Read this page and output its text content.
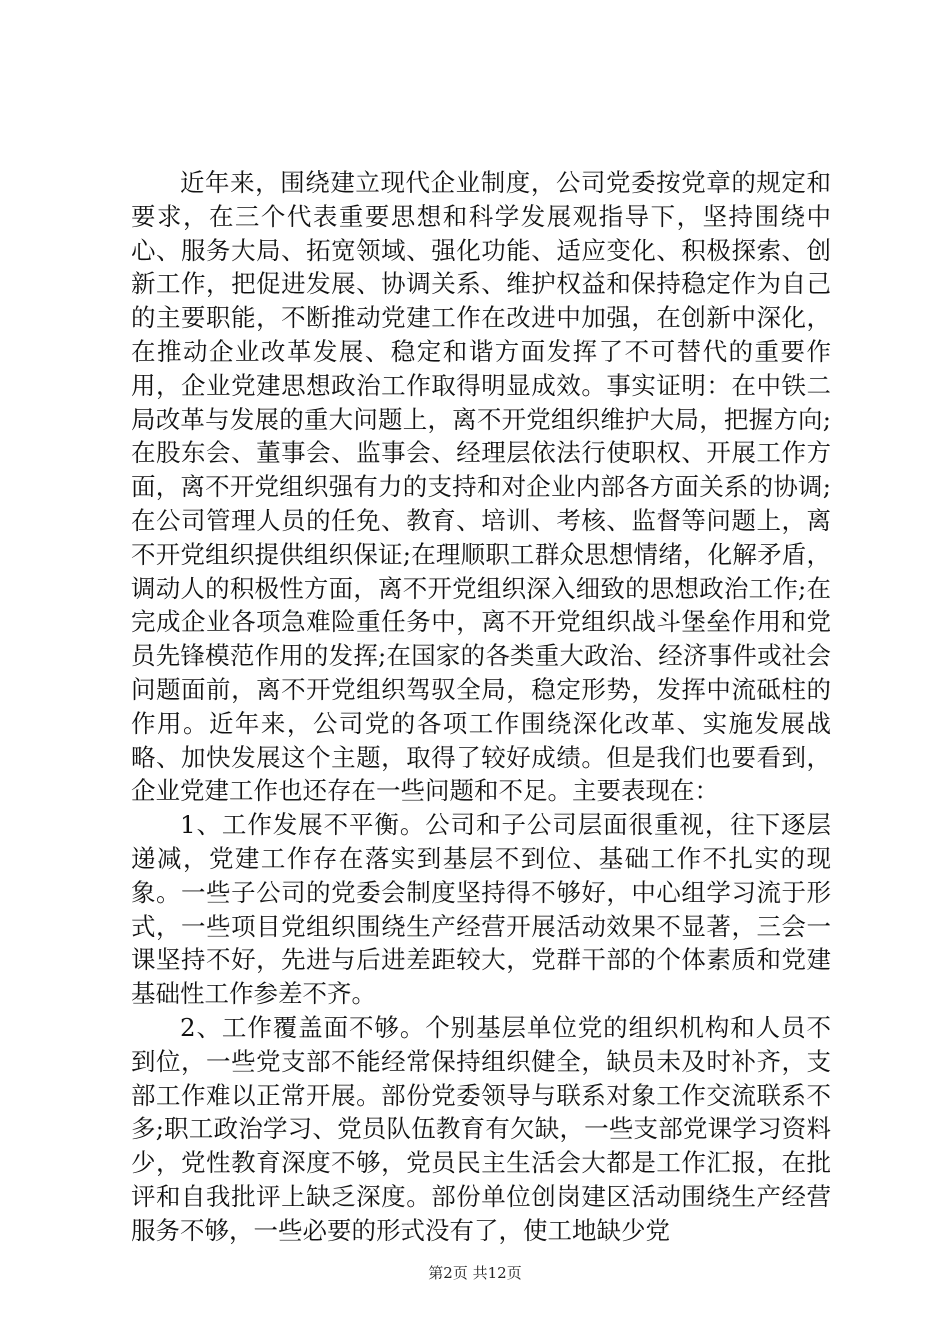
近年来，围绕建立现代企业制度，公司党委按党章的规定和要求，在三个代表重要思想和科学发展观指导下，坚持围绕中心、服务大局、拓宽领域、强化功能、适应变化、积极探索、创新工作，把促进发展、协调关系、维护权益和保持稳定作为自己的主要职能，不断推动党建工作在改进中加强，在创新中深化，在推动企业改革发展、稳定和谐方面发挥了不可替代的重要作用，企业党建思想政治工作取得明显成效。事实证明：在中铁二局改革与发展的重大问题上，离不开党组织维护大局，把握方向;在股东会、董事会、监事会、经理层依法行使职权、开展工作方面，离不开党组织强有力的支持和对企业内部各方面关系的协调;在公司管理人员的任免、教育、培训、考核、监督等问题上，离不开党组织提供组织保证;在理顺职工群众思想情绪，化解矛盾，调动人的积极性方面，离不开党组织深入细致的思想政治工作;在完成企业各项急难险重任务中，离不开党组织战斗堡垒作用和党员先锋模范作用的发挥;在国家的各类重大政治、经济事件或社会问题面前，离不开党组织驾驭全局，稳定形势，发挥中流砥柱的作用。近年来，公司党的各项工作围绕深化改革、实施发展战略、加快发展这个主题，取得了较好成绩。但是我们也要看到，企业党建工作也还存在一些问题和不足。主要表现在：

1、工作发展不平衡。公司和子公司层面很重视，往下逐层递减，党建工作存在落实到基层不到位、基础工作不扎实的现象。一些子公司的党委会制度坚持得不够好，中心组学习流于形式，一些项目党组织围绕生产经营开展活动效果不显著，三会一课坚持不好，先进与后进差距较大，党群干部的个体素质和党建基础性工作参差不齐。

2、工作覆盖面不够。个别基层单位党的组织机构和人员不到位，一些党支部不能经常保持组织健全，缺员未及时补齐，支部工作难以正常开展。部份党委领导与联系对象工作交流联系不多;职工政治学习、党员队伍教育有欠缺，一些支部党课学习资料少，党性教育深度不够，党员民主生活会大都是工作汇报，在批评和自我批评上缺乏深度。部份单位创岗建区活动围绕生产经营服务不够，一些必要的形式没有了，使工地缺少党

第2页 共12页
